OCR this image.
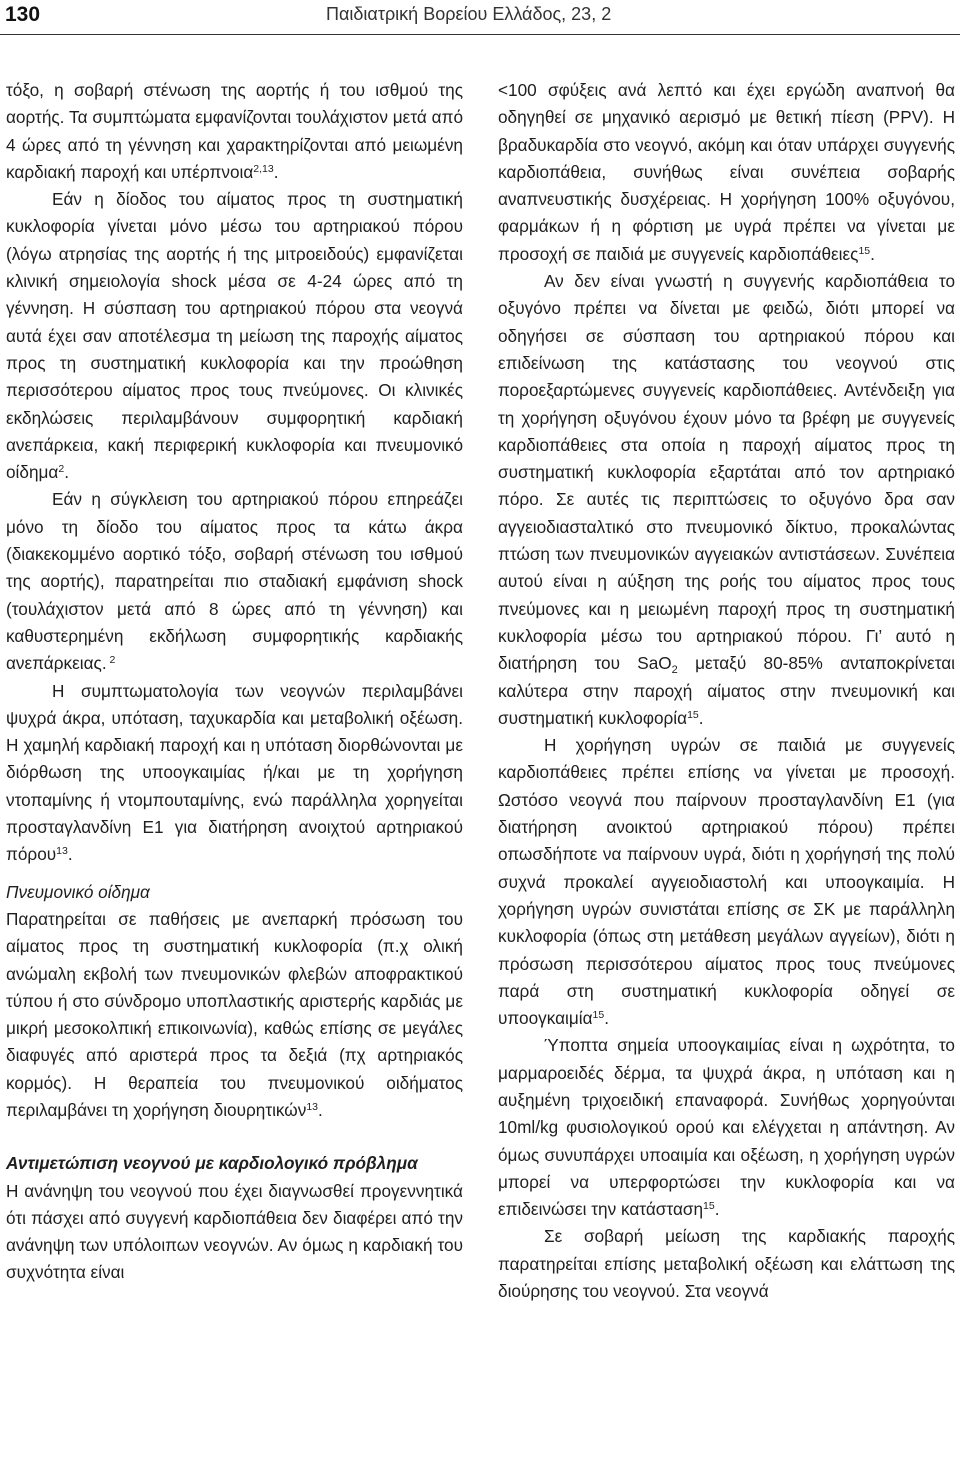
130	Παιδιατρική Βορείου Ελλάδος, 23, 2

τόξο, η σοβαρή στένωση της αορτής ή του ισθμού της αορτής. Τα συμπτώματα εμφανίζονται τουλάχιστον μετά από 4 ώρες από τη γέννηση και χαρακτηρίζονται από μειωμένη καρδιακή παροχή και υπέρπνοια$^{2,13}$.

Εάν η δίοδος του αίματος προς τη συστηματική κυκλοφορία γίνεται μόνο μέσω του αρτηριακού πόρου (λόγω ατρησίας της αορτής ή της μιτροειδούς) εμφανίζεται κλινική σημειολογία shock μέσα σε 4-24 ώρες από τη γέννηση. Η σύσπαση του αρτηριακού πόρου στα νεογνά αυτά έχει σαν αποτέλεσμα τη μείωση της παροχής αίματος προς τη συστηματική κυκλοφορία και την προώθηση περισσότερου αίματος προς τους πνεύμονες. Οι κλινικές εκδηλώσεις περιλαμβάνουν συμφορητική καρδιακή ανεπάρκεια, κακή περιφερική κυκλοφορία και πνευμονικό οίδημα$^2$.

Εάν η σύγκλειση του αρτηριακού πόρου επηρεάζει μόνο τη δίοδο του αίματος προς τα κάτω άκρα (διακεκομμένο αορτικό τόξο, σοβαρή στένωση του ισθμού της αορτής), παρατηρείται πιο σταδιακή εμφάνιση shock (τουλάχιστον μετά από 8 ώρες από τη γέννηση) και καθυστερημένη εκδήλωση συμφορητικής καρδιακής ανεπάρκειας. $^2$

Η συμπτωματολογία των νεογνών περιλαμβάνει ψυχρά άκρα, υπόταση, ταχυκαρδία και μεταβολική οξέωση. Η χαμηλή καρδιακή παροχή και η υπόταση διορθώνονται με διόρθωση της υποογκαιμίας ή/και με τη χορήγηση ντοπαμίνης ή ντομπουταμίνης, ενώ παράλληλα χορηγείται προσταγλανδίνη Ε1 για διατήρηση ανοιχτού αρτηριακού πόρου$^{13}$.

Πνευμονικό οίδημα

Παρατηρείται σε παθήσεις με ανεπαρκή πρόσωση του αίματος προς τη συστηματική κυκλοφορία (π.χ ολική ανώμαλη εκβολή των πνευμονικών φλεβών αποφρακτικού τύπου ή στο σύνδρομο υποπλαστικής αριστερής καρδιάς με μικρή μεσοκολπική επικοινωνία), καθώς επίσης σε μεγάλες διαφυγές από αριστερά προς τα δεξιά (πχ αρτηριακός κορμός). Η θεραπεία του πνευμονικού οιδήματος περιλαμβάνει τη χορήγηση διουρητικών$^{13}$.

Αντιμετώπιση νεογνού με καρδιολογικό πρόβλημα

Η ανάνηψη του νεογνού που έχει διαγνωσθεί προγεννητικά ότι πάσχει από συγγενή καρδιοπάθεια δεν διαφέρει από την ανάνηψη των υπόλοιπων νεογνών. Αν όμως η καρδιακή του συχνότητα είναι

<100 σφύξεις ανά λεπτό και έχει εργώδη αναπνοή θα οδηγηθεί σε μηχανικό αερισμό με θετική πίεση (PPV). Η βραδυκαρδία στο νεογνό, ακόμη και όταν υπάρχει συγγενής καρδιοπάθεια, συνήθως είναι συνέπεια σοβαρής αναπνευστικής δυσχέρειας. Η χορήγηση 100% οξυγόνου, φαρμάκων ή η φόρτιση με υγρά πρέπει να γίνεται με προσοχή σε παιδιά με συγγενείς καρδιοπάθειες$^{15}$.

Αν δεν είναι γνωστή η συγγενής καρδιοπάθεια το οξυγόνο πρέπει να δίνεται με φειδώ, διότι μπορεί να οδηγήσει σε σύσπαση του αρτηριακού πόρου και επιδείνωση της κατάστασης του νεογνού στις ποροεξαρτώμενες συγγενείς καρδιοπάθειες. Αντένδειξη για τη χορήγηση οξυγόνου έχουν μόνο τα βρέφη με συγγενείς καρδιοπάθειες στα οποία η παροχή αίματος προς τη συστηματική κυκλοφορία εξαρτάται από τον αρτηριακό πόρο. Σε αυτές τις περιπτώσεις το οξυγόνο δρα σαν αγγειοδιασταλτικό στο πνευμονικό δίκτυο, προκαλώντας πτώση των πνευμονικών αγγειακών αντιστάσεων. Συνέπεια αυτού είναι η αύξηση της ροής του αίματος προς τους πνεύμονες και η μειωμένη παροχή προς τη συστηματική κυκλοφορία μέσω του αρτηριακού πόρου. Γι’ αυτό η διατήρηση του SaO$_2$ μεταξύ 80-85% ανταποκρίνεται καλύτερα στην παροχή αίματος στην πνευμονική και συστηματική κυκλοφορία$^{15}$.

Η χορήγηση υγρών σε παιδιά με συγγενείς καρδιοπάθειες πρέπει επίσης να γίνεται με προσοχή. Ωστόσο νεογνά που παίρνουν προσταγλανδίνη Ε1 (για διατήρηση ανοικτού αρτηριακού πόρου) πρέπει οπωσδήποτε να παίρνουν υγρά, διότι η χορήγησή της πολύ συχνά προκαλεί αγγειοδιαστολή και υποογκαιμία. Η χορήγηση υγρών συνιστάται επίσης σε ΣΚ με παράλληλη κυκλοφορία (όπως στη μετάθεση μεγάλων αγγείων), διότι η πρόσωση περισσότερου αίματος προς τους πνεύμονες παρά στη συστηματική κυκλοφορία οδηγεί σε υποογκαιμία$^{15}$.

Ύποπτα σημεία υποογκαιμίας είναι η ωχρότητα, το μαρμαροειδές δέρμα, τα ψυχρά άκρα, η υπόταση και η αυξημένη τριχοειδική επαναφορά. Συνήθως χορηγούνται 10ml/kg φυσιολογικού ορού και ελέγχεται η απάντηση. Αν όμως συνυπάρχει υποαιμία και οξέωση, η χορήγηση υγρών μπορεί να υπερφορτώσει την κυκλοφορία και να επιδεινώσει την κατάσταση$^{15}$.

Σε σοβαρή μείωση της καρδιακής παροχής παρατηρείται επίσης μεταβολική οξέωση και ελάττωση της διούρησης του νεογνού. Στα νεογνά
